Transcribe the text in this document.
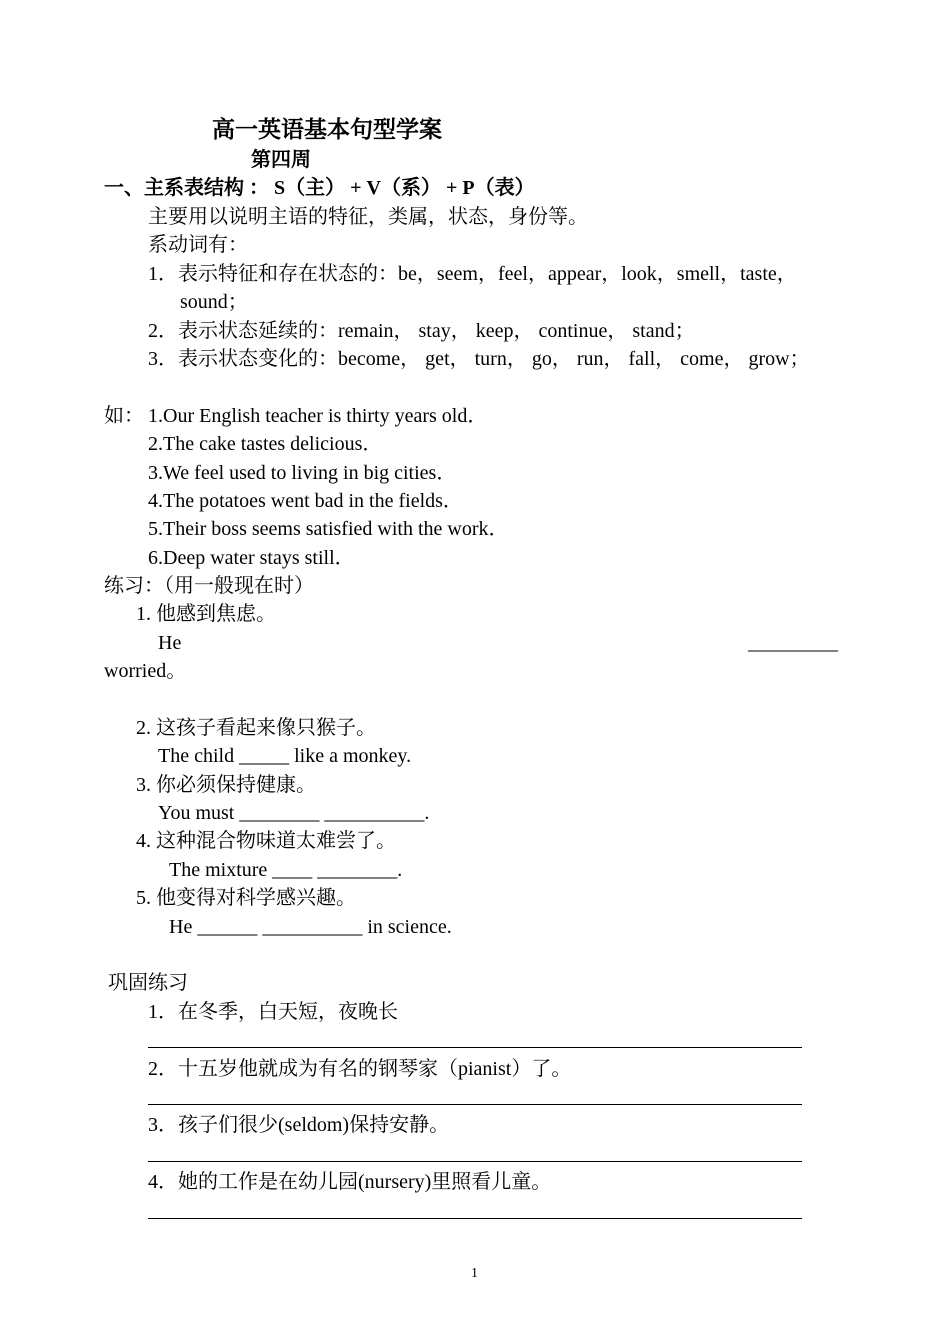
高一英语基本句型学案
第四周
一、主系表结构 ： S（主） + V（系） + P（表）
主要用以说明主语的特征，类属，状态，身份等。
系动词有：
1．表示特征和存在状态的：be，seem，feel，appear，look，smell，taste，
sound；
2．表示状态延续的：remain， stay， keep， continue， stand；
3．表示状态变化的：become， get， turn， go， run， fall， come， grow；
如： 1.Our English teacher is thirty years old．
2.The cake tastes delicious．
3.We feel used to living in big cities．
4.The potatoes went bad in the fields．
5.Their boss seems satisfied with the work．
6.Deep water stays still．
练习：（用一般现在时）
1. 他感到焦虑。
He	_________
worried。
2. 这孩子看起来像只猴子。
The child _____ like a monkey.
3. 你必须保持健康。
You must ________ __________.
4. 这种混合物味道太难尝了。
The mixture ____ ________.
5. 他变得对科学感兴趣。
He ______ __________ in science.
巩固练习
1．在冬季，白天短，夜晚长
2．十五岁他就成为有名的钢琴家（pianist）了。
3．孩子们很少(seldom)保持安静。
4．她的工作是在幼儿园(nursery)里照看儿童。
1
